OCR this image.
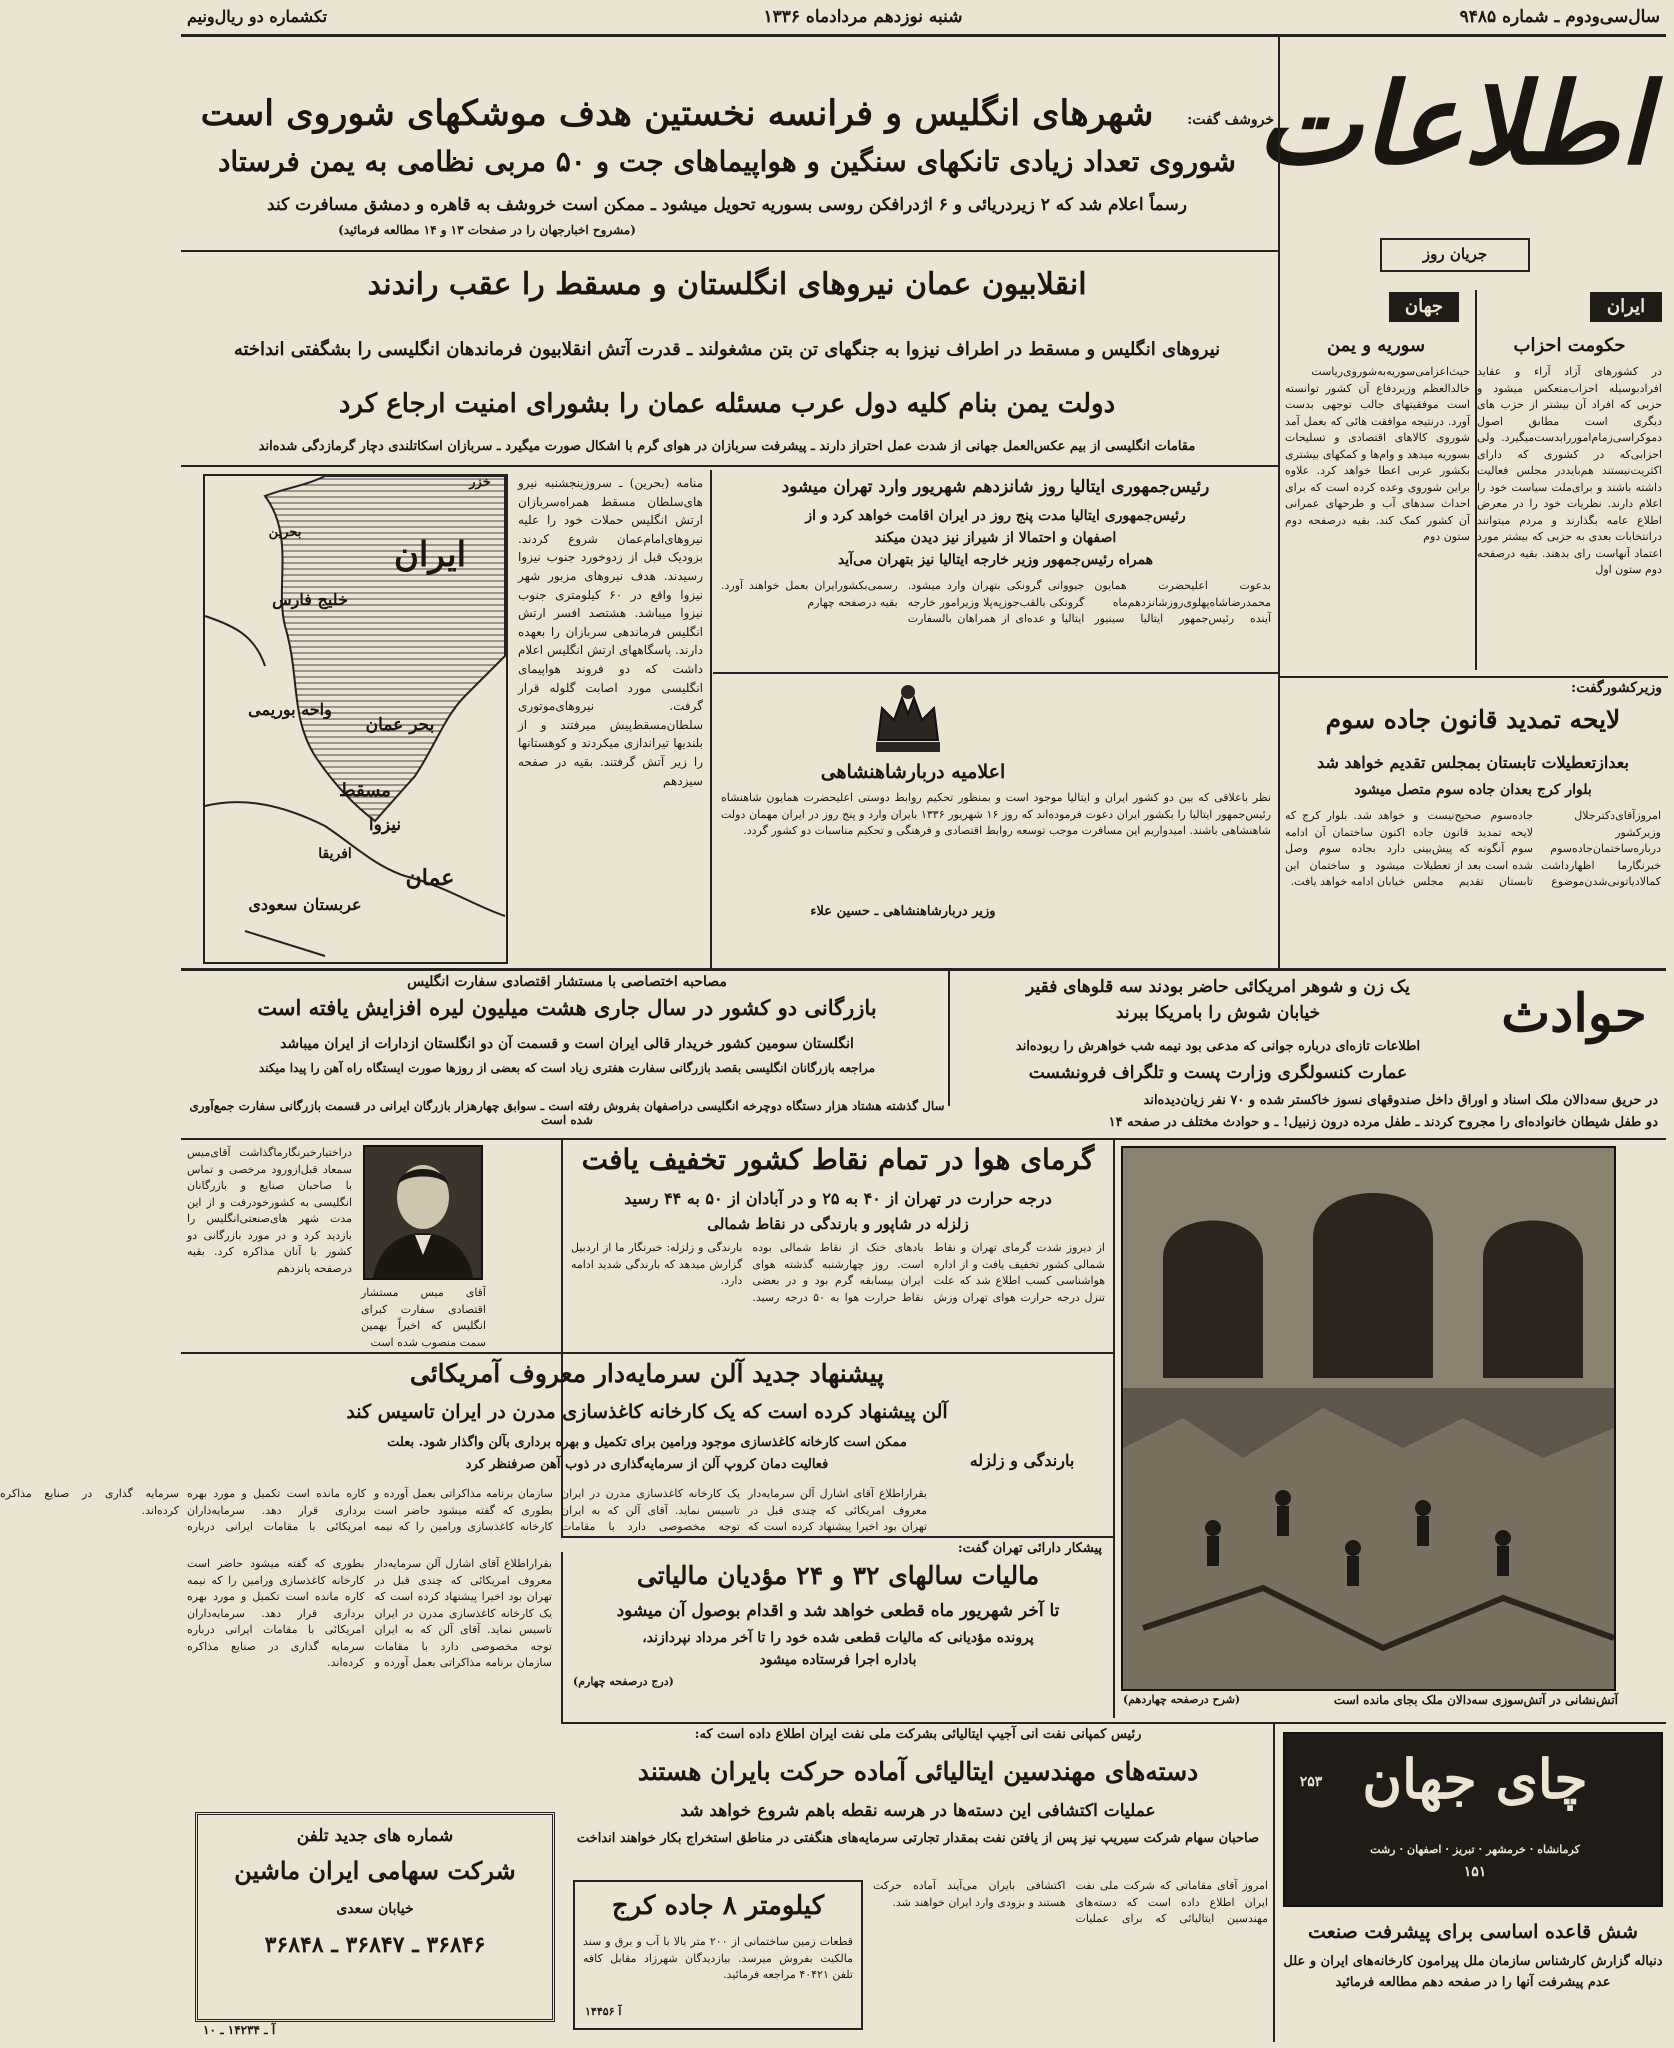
سال‌سی‌ودوم ـ شماره ۹۴۸۵
شنبه نوزدهم مردادماه ۱۳۳۶
تکشماره دو ریال‌ونیم
اطلاعات
خروشف گفت:
شهرهای انگلیس و فرانسه نخستین هدف موشکهای شوروی است
شوروی تعداد زیادی تانکهای سنگین و هواپیماهای جت و ۵۰ مربی نظامی به یمن فرستاد
رسماً اعلام شد که ۲ زیردریائی و ۶ اژدرافکن روسی بسوریه تحویل میشود ـ ممکن است خروشف به قاهره و دمشق مسافرت کند
(مشروح اخبارجهان را در صفحات ۱۳ و ۱۴ مطالعه فرمائید)
انقلابیون عمان نیروهای انگلستان و مسقط را عقب راندند
نیروهای انگلیس و مسقط در اطراف نیزوا به جنگهای تن بتن مشغولند ـ قدرت آتش انقلابیون فرماندهان انگلیسی را بشگفتی انداخته
دولت یمن بنام کلیه دول عرب مسئله عمان را بشورای امنیت ارجاع کرد
مقامات انگلیسی از بیم عکس‌العمل جهانی از شدت عمل احتراز دارند ـ پیشرفت سربازان در هوای گرم با اشکال صورت میگیرد ـ سربازان اسکاتلندی دچار گرمازدگی شده‌اند
ایران
خزر
خلیج فارس
بحرین
بحر عمان
واحه بوریمی
مسقط
نیزوا
عمان
افریقا
عربستان سعودی
منامه (بحرین) ـ سروزینجشنبه نیرو های‌سلطان مسقط همراه‌سربازان ارتش انگلیس حملات خود را علیه نیروهای‌امام‌عمان شروع کردند. بزودیک قبل از زدوخورد جنوب نیزوا رسیدند. هدف نیروهای مزبور شهر نیزوا واقع در ۶۰ کیلومتری جنوب نیزوا میباشد. هشتصد افسر ارتش انگلیس فرماندهی سربازان را بعهده دارند. پاسگاههای ارتش انگلیس اعلام داشت که دو فروند هواپیمای انگلیسی مورد اصابت گلوله قرار گرفت. نیروهای‌موتوری سلطان‌مسقط‌پیش میرفتند و از بلندیها تیراندازی میکردند و کوهستانها را زیر آتش گرفتند. بقیه در صفحه سیزدهم
رئیس‌جمهوری ایتالیا روز شانزدهم شهریور وارد تهران میشود
رئیس‌جمهوری ایتالیا مدت پنج روز در ایران اقامت خواهد کرد و از
اصفهان و احتمالا از شیراز نیز دیدن میکند
همراه رئیس‌جمهور وزیر خارجه ایتالیا نیز بتهران می‌آید
بدعوت اعلیحضرت همایون محمدرضاشاه‌پهلوی‌روزشانزدهم‌ماه آینده رئیس‌جمهور ایتالیا سینیور جیووانی گرونکی بتهران وارد میشود. گرونکی بالقب‌جوزپه‌پلا وزیرامور خارجه ایتالیا و عده‌ای از همراهان بالسفارت رسمی‌بکشورایران بعمل خواهند آورد. بقیه درصفحه چهارم
اعلامیه دربارشاهنشاهی
نظر باعلاقی که بین دو کشور ایران و ایتالیا موجود است و بمنظور تحکیم روابط دوستی اعلیحضرت همایون شاهنشاه رئیس‌جمهور ایتالیا را بکشور ایران دعوت فرموده‌اند که روز ۱۶ شهریور ۱۳۳۶ بایران وارد و پنج روز در ایران مهمان دولت شاهنشاهی باشند. امیدواریم این مسافرت موجب توسعه روابط اقتصادی و فرهنگی و تحکیم مناسبات دو کشور گردد.
وزیر دربارشاهنشاهی ـ حسین علاء
جریان روز
ایران
جهان
حکومت احزاب
در کشورهای آزاد آراء و عقاید افرادبوسیله احزاب‌منعکس میشود و حزبی که افراد آن بیشتر از حزب های دیگری است مطابق اصول دموکراسی‌زمام‌اموررابدست‌میگیرد. ولی احزابی‌که در کشوری که دارای اکثریت‌نیستند هم‌باید‌در مجلس فعالیت داشته باشند و برای‌ملت سیاست خود را اعلام دارند. نظریات خود را در معرض اطلاع عامه بگذارند و مردم میتوانند درانتخابات بعدی به حزبی که بیشتر مورد اعتماد آنهاست رای بدهند. بقیه درصفحه دوم ستون اول
سوریه و یمن
حیث‌اعزامی‌سوریه‌به‌شوروی‌ریاست خالدالعظم وزیردفاع آن کشور توانسته است موفقیتهای جالب توجهی بدست آورد. درنتیجه موافقت هائی که بعمل آمد شوروی کالاهای اقتصادی و تسلیحات بسوریه میدهد و وام‌ها و کمکهای بیشتری بکشور عربی اعطا خواهد کرد. علاوه براین شوروی وعده کرده است که برای احداث سدهای آب و طرحهای عمرانی آن کشور کمک کند. بقیه درصفحه دوم ستون دوم
وزیرکشورگفت:
لایحه تمدید قانون جاده سوم
بعدازتعطیلات تابستان بمجلس تقدیم خواهد شد
بلوار کرج بعدان جاده سوم متصل میشود
امروزآقای‌دکترجلال وزیرکشور درباره‌ساختمان‌جاده‌سوم خبرنگارما اظهارداشت کمالادیاتونی‌شدن‌موضوع جاده‌سوم صحیح‌نیست و لایحه تمدید قانون جاده سوم آنگونه که پیش‌بینی شده است بعد از تعطیلات تابستان تقدیم مجلس خواهد شد. بلوار کرج که اکنون ساختمان آن ادامه دارد بجاده سوم وصل میشود و ساختمان این خیابان ادامه خواهد یافت.
مصاحبه اختصاصی با مستشار اقتصادی سفارت انگلیس
بازرگانی دو کشور در سال جاری هشت میلیون لیره افزایش یافته است
انگلستان سومین کشور خریدار قالی ایران است و قسمت آن دو انگلستان ازدارات از ایران میباشد
مراجعه بازرگانان انگلیسی بقصد بازرگانی سفارت هفتری زیاد است که بعضی از روزها صورت ایستگاه راه آهن را پیدا میکند
سال گذشته هشتاد هزار دستگاه دوچرخه انگلیسی دراصفهان بفروش رفته است ـ سوابق چهارهزار بازرگان ایرانی در قسمت بازرگانی سفارت جمع‌آوری شده است
دراختیارخبرنگارماگذاشت آقای‌میس سمعاد قبل‌ازورود مرخصی و تماس با صاحبان صنایع و بازرگانان انگلیسی به کشورخودرفت و از این مدت شهر های‌صنعتی‌انگلیس را بازدید کرد و در مورد بازرگانی دو کشور با آنان مذاکره کرد. بقیه درصفحه پانزدهم
آقای میس مستشار اقتصادی سفارت کبرای انگلیس که اخیراً بهمین سمت منصوب شده است
حوادث
یک زن و شوهر امریکائی حاضر بودند سه قلوهای فقیر
خیابان شوش را بامریکا ببرند
اطلاعات تازه‌ای درباره جوانی که مدعی بود نیمه شب خواهرش را ربوده‌اند
عمارت کنسولگری وزارت پست و تلگراف فرونشست
در حریق سه‌دالان ملک اسناد و اوراق داخل صندوقهای نسوز خاکستر شده و ۷۰ نفر زیان‌دیده‌اند
دو طفل شیطان خانواده‌ای را مجروح کردند ـ طفل مرده درون زنبیل! ـ و حوادث مختلف در صفحه ۱۴
گرمای هوا در تمام نقاط کشور تخفیف یافت
درجه حرارت در تهران از ۴۰ به ۲۵ و در آبادان از ۵۰ به ۴۴ رسید
زلزله در شاپور و بارندگی در نقاط شمالی
از دیروز شدت گرمای تهران و نقاط شمالی کشور تخفیف یافت و از اداره هواشناسی کسب اطلاع شد که علت تنزل درجه حرارت هوای تهران وزش بادهای خنک از نقاط شمالی بوده است. روز چهارشنبه گذشته هوای ایران بیسابقه گرم بود و در بعضی نقاط حرارت هوا به ۵۰ درجه رسید. بارندگی و زلزله: خبرنگار ما از اردبیل گزارش میدهد که بارندگی شدید ادامه دارد.
بارندگی و زلزله
آتش‌نشانی در آتش‌سوزی سه‌دالان ملک بجای مانده است
(شرح درصفحه چهاردهم)
پیشنهاد جدید آلن سرمایه‌دار معروف آمریکائی
آلن پیشنهاد کرده است که یک کارخانه کاغذسازی مدرن در ایران تاسیس کند
ممکن است کارخانه کاغذسازی موجود ورامین برای تکمیل و بهره برداری بآلن واگذار شود. بعلت
فعالیت دمان کروپ آلن از سرمایه‌گذاری در ذوب آهن صرفنظر کرد
بقراراطلاع آقای اشارل آلن سرمایه‌دار معروف امریکائی که چندی قبل در تهران بود اخیرا پیشنهاد کرده است که یک کارخانه کاغذسازی مدرن در ایران تاسیس نماید. آقای آلن که به ایران توجه مخصوصی دارد با مقامات سازمان برنامه مذاکراتی بعمل آورده و بطوری که گفته میشود حاضر است کارخانه کاغذسازی ورامین را که نیمه کاره مانده است تکمیل و مورد بهره برداری قرار دهد. سرمایه‌داران امریکائی با مقامات ایرانی درباره سرمایه گذاری در صنایع مذاکره کرده‌اند.
پیشکار دارائی تهران گفت:
مالیات سالهای ۳۲ و ۲۴ مؤدیان مالیاتی
تا آخر شهریور ماه قطعی خواهد شد و اقدام بوصول آن میشود
پرونده مؤدیانی که مالیات قطعی شده خود را تا آخر مرداد نپردازند،
باداره اجرا فرستاده میشود
(درج درصفحه چهارم)
شماره های جدید تلفن
شرکت سهامی ایران ماشین
خیابان سعدی
۳۶۸۴۶ ـ ۳۶۸۴۷ ـ ۳۶۸۴۸
آ ـ ۱۴۲۳۴ ـ ۱۰
بقراراطلاع آقای اشارل آلن سرمایه‌دار معروف امریکائی که چندی قبل در تهران بود اخیرا پیشنهاد کرده است که یک کارخانه کاغذسازی مدرن در ایران تاسیس نماید. آقای آلن که به ایران توجه مخصوصی دارد با مقامات سازمان برنامه مذاکراتی بعمل آورده و بطوری که گفته میشود حاضر است کارخانه کاغذسازی ورامین را که نیمه کاره مانده است تکمیل و مورد بهره برداری قرار دهد. سرمایه‌داران امریکائی با مقامات ایرانی درباره سرمایه گذاری در صنایع مذاکره کرده‌اند.
رئیس کمپانی نفت انی آجیپ ایتالیائی بشرکت ملی نفت ایران اطلاع داده است که:
دسته‌های مهندسین ایتالیائی آماده حرکت بایران هستند
عملیات اکتشافی این دسته‌ها در هرسه نقطه باهم شروع خواهد شد
صاحبان سهام شرکت سیریپ نیز پس از یافتن نفت بمقدار تجارتی سرمایه‌های هنگفتی در مناطق استخراج بکار خواهند انداخت
امروز آقای مقاماتی که شرکت ملی نفت ایران اطلاع داده است که دسته‌های مهندسین ایتالیائی که برای عملیات اکتشافی بایران می‌آیند آماده حرکت هستند و بزودی وارد ایران خواهند شد.
کیلومتر ۸ جاده کرج
قطعات زمین ساختمانی از ۲۰۰ متر بالا با آب و برق و سند مالکیت بفروش میرسد. بیازدیدگان شهرزاد مقابل کافه تلفن ۴۰۴۲۱ مراجعه فرمائید.
آ ۱۴۴۵۶
چای جهان
۲۵۳
۱۵۱
کرمانشاه · خرمشهر · تبریز · اصفهان · رشت
شش قاعده اساسی برای پیشرفت صنعت
دنباله گزارش کارشناس سازمان ملل پیرامون کارخانه‌های ایران و علل عدم پیشرفت آنها را در صفحه دهم مطالعه فرمائید
